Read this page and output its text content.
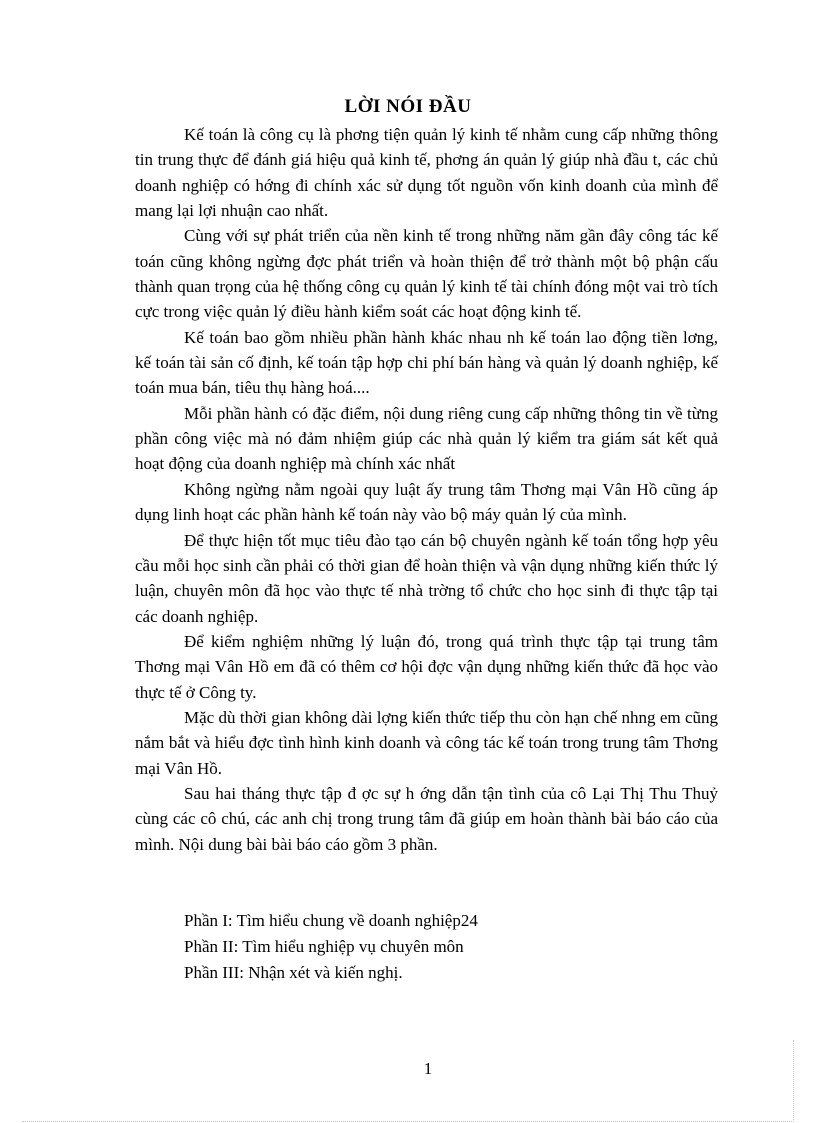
LỜI NÓI ĐẦU

Kế toán là công cụ là phơng tiện quản lý kinh tế nhằm cung cấp những thông tin trung thực để đánh giá hiệu quả kinh tế, phơng án quản lý giúp nhà đầu t, các chủ doanh nghiệp có hớng đi chính xác sử dụng tốt nguồn vốn kinh doanh của mình để mang lại lợi nhuận cao nhất.

Cùng với sự phát triển của nền kinh tế trong những năm gần đây công tác kế toán cũng không ngừng đợc phát triển và hoàn thiện để trở thành một bộ phận cấu thành quan trọng của hệ thống công cụ quản lý kinh tế tài chính đóng một vai trò tích cực trong việc quản lý điều hành kiểm soát các hoạt động kinh tế.

Kế toán bao gồm nhiều phần hành khác nhau nh kế toán lao động tiền lơng, kế toán tài sản cố định, kế toán tập hợp chi phí bán hàng và quản lý doanh nghiệp, kế toán mua bán, tiêu thụ hàng hoá....

Mỗi phần hành có đặc điểm, nội dung riêng cung cấp những thông tin về từng phần công việc mà nó đảm nhiệm giúp các nhà quản lý kiểm tra giám sát kết quả hoạt động của doanh nghiệp mà chính xác nhất

Không ngừng nằm ngoài quy luật ấy trung tâm Thơng mại Vân Hồ cũng áp dụng linh hoạt các phần hành kế toán này vào bộ máy quản lý của mình.

Để thực hiện tốt mục tiêu đào tạo cán bộ chuyên ngành kế toán tổng hợp yêu cầu mỗi học sinh cần phải có thời gian để hoàn thiện và vận dụng những kiến thức lý luận, chuyên môn đã học vào thực tế nhà trờng tổ chức cho học sinh đi thực tập tại các doanh nghiệp.

Để kiểm nghiệm những lý luận đó, trong quá trình thực tập tại trung tâm Thơng mại Vân Hồ em đã có thêm cơ hội đợc vận dụng những kiến thức đã học vào thực tế ở Công ty.

Mặc dù thời gian không dài lợng kiến thức tiếp thu còn hạn chế nhng em cũng nắm bắt và hiểu đợc tình hình kinh doanh và công tác kế toán trong trung tâm Thơng mại Vân Hồ.

Sau hai tháng thực tập đ ợc sự h ớng dẫn tận tình của cô Lại Thị Thu Thuỷ cùng các cô chú, các anh chị trong trung tâm đã giúp em hoàn thành bài báo cáo của mình. Nội dung bài bài báo cáo gồm 3 phần.

Phần I: Tìm hiểu chung về doanh nghiệp24
Phần II: Tìm hiểu nghiệp vụ chuyên môn
Phần III: Nhận xét và kiến nghị.
1
